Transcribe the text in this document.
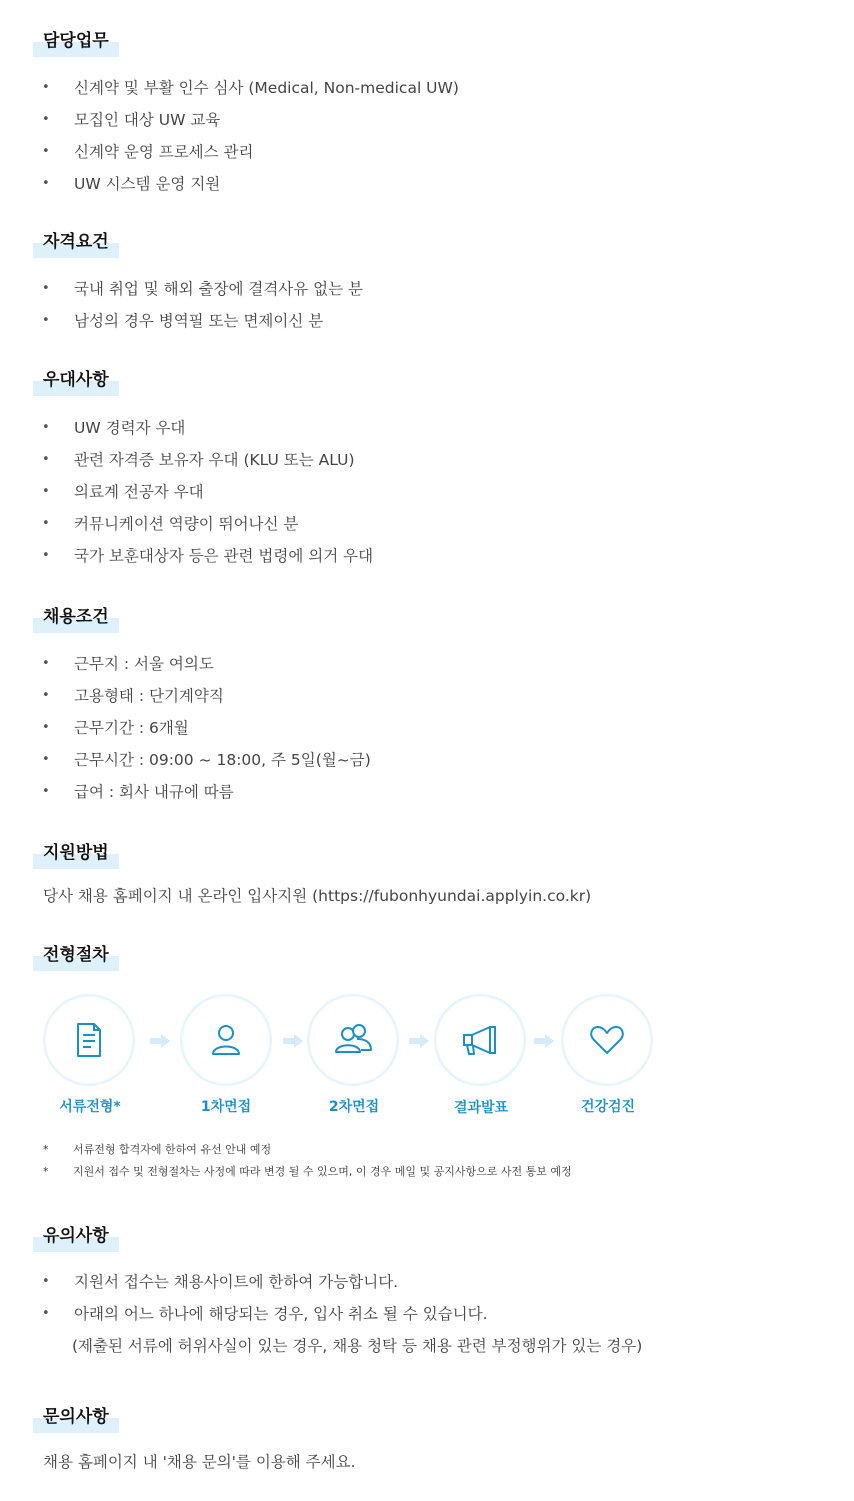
담당업무
• 신계약 및 부활 인수 심사 (Medical, Non-medical UW)
• 모집인 대상 UW 교육
• 신계약 운영 프로세스 관리
• UW 시스템 운영 지원
자격요건
• 국내 취업 및 해외 출장에 결격사유 없는 분
• 남성의 경우 병역필 또는 면제이신 분
우대사항
• UW 경력자 우대
• 관련 자격증 보유자 우대 (KLU 또는 ALU)
• 의료계 전공자 우대
• 커뮤니케이션 역량이 뛰어나신 분
• 국가 보훈대상자 등은 관련 법령에 의거 우대
채용조건
• 근무지 : 서울 여의도
• 고용형태 : 단기계약직
• 근무기간 : 6개월
• 근무시간 : 09:00 ~ 18:00, 주 5일(월~금)
• 급여 : 회사 내규에 따름
지원방법
당사 채용 홈페이지 내 온라인 입사지원 (https://fubonhyundai.applyin.co.kr)
전형절차
서류전형*	1차면접	2차면접	결과발표	건강검진
* 서류전형 합격자에 한하여 유선 안내 예정
* 지원서 접수 및 전형절차는 사정에 따라 변경 될 수 있으며, 이 경우 메일 및 공지사항으로 사전 통보 예정
유의사항
• 지원서 접수는 채용사이트에 한하여 가능합니다.
• 아래의 어느 하나에 해당되는 경우, 입사 취소 될 수 있습니다.
(제출된 서류에 허위사실이 있는 경우, 채용 청탁 등 채용 관련 부정행위가 있는 경우)
문의사항
채용 홈페이지 내 '채용 문의'를 이용해 주세요.
